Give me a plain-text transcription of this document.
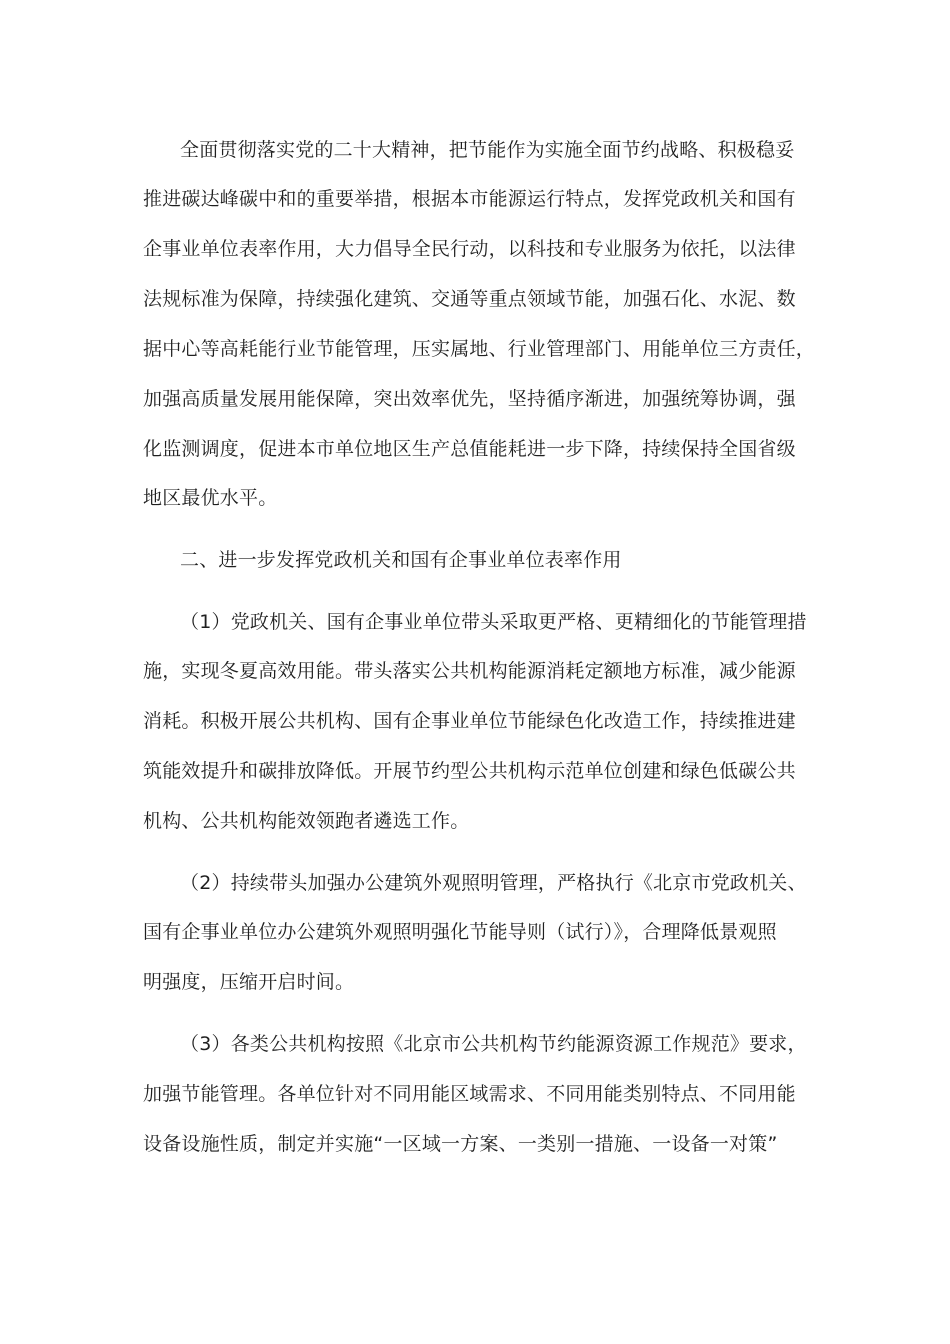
全面贯彻落实党的二十大精神，把节能作为实施全面节约战略、积极稳妥
推进碳达峰碳中和的重要举措，根据本市能源运行特点，发挥党政机关和国有
企事业单位表率作用，大力倡导全民行动，以科技和专业服务为依托，以法律
法规标准为保障，持续强化建筑、交通等重点领域节能，加强石化、水泥、数
据中心等高耗能行业节能管理，压实属地、行业管理部门、用能单位三方责任，
加强高质量发展用能保障，突出效率优先，坚持循序渐进，加强统筹协调，强
化监测调度，促进本市单位地区生产总值能耗进一步下降，持续保持全国省级
地区最优水平。
二、进一步发挥党政机关和国有企事业单位表率作用
（1）党政机关、国有企事业单位带头采取更严格、更精细化的节能管理措
施，实现冬夏高效用能。带头落实公共机构能源消耗定额地方标准，减少能源
消耗。积极开展公共机构、国有企事业单位节能绿色化改造工作，持续推进建
筑能效提升和碳排放降低。开展节约型公共机构示范单位创建和绿色低碳公共
机构、公共机构能效领跑者遴选工作。
（2）持续带头加强办公建筑外观照明管理，严格执行《北京市党政机关、
国有企事业单位办公建筑外观照明强化节能导则（试行）》，合理降低景观照
明强度，压缩开启时间。
（3）各类公共机构按照《北京市公共机构节约能源资源工作规范》要求，
加强节能管理。各单位针对不同用能区域需求、不同用能类别特点、不同用能
设备设施性质，制定并实施“一区域一方案、一类别一措施、一设备一对策”
